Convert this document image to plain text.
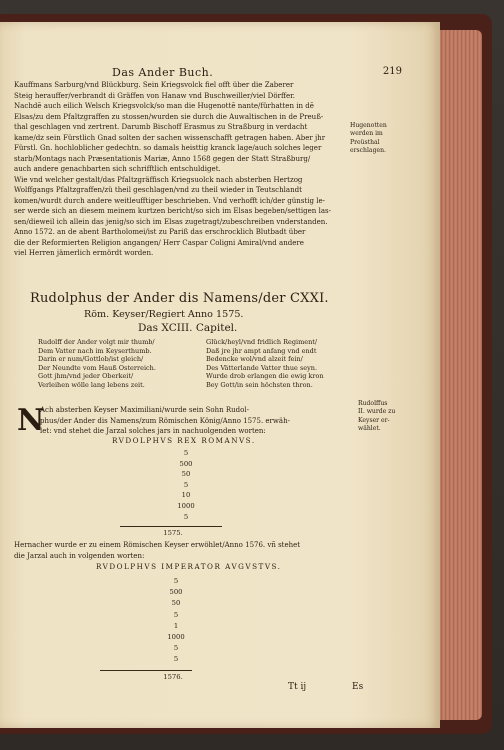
Das Ander Buch.	219
Kauffmans Sarburg/vnd Blückburg. Sein Kriegsvolck fiel offt über die Zaberer
Steig herauffer/verbrandt di Gräffen von Hanaw vnd Buschweiller/viel Dörffer.
Nachdē auch eilich Welsch Kriegsvolck/so man die Hugenottē nante/fürhatten in dē
Elsas/zu dem Pfaltzgraffen zu stossen/wurden sie durch die Auwaltischen in de Preuß-
thal geschlagen vnd zertrent. Darumb Bischoff Erasmus zu Straßburg in verdacht
kame/dz sein Fürstlich Gnad solten der sachen wissenschafft getragen haben. Aber jhr
Fürstl. Gn. hochloblicher gedechtn. so damals heisttig kranck lage/auch solches leger
starb/Montags nach Præsentationis Mariæ, Anno 1568 gegen der Statt Straßburg/
auch andere genachbarten sich schrifftlich entschuldiget.
Wie vnd welcher gestalt/das Pfaltzgräffisch Kriegsuolck nach absterben Hertzog
Wolffgangs Pfaltzgraffen/zü theil geschlagen/vnd zu theil wieder in Teutschlandt
komen/wurdt durch andere weitleufftiger beschrieben. Vnd verhofft ich/der günstig le-
ser werde sich an diesem meinem kurtzen bericht/so sich im Elsas begeben/settigen las-
sen/dieweil ich allein das jenig/so sich im Elsas zugetragt/zubeschreiben vnderstanden.
Anno 1572. an de abent Bartholomei/ist zu Pariß das erschrocklich Blutbadt über
die der Reformierten Religion angangen/ Herr Caspar Coligni Amiral/vnd andere
viel Herren jämerlich ermördt worden.
Hugenotten
werden im
Preüsthal
erschlagen.
Rudolphus der Ander dis Namens/der CXXI.
Röm. Keyser/Regiert Anno 1575.
Das XCIII. Capitel.
Rudolff der Ander volgt mir thumb/
Dem Vatter nach im Keyserthumb.
Darin er num/Gottlob/ist gleich/
Der Neundte vom Hauß Osterreich.
Gott jhm/vnd jeder Oberkeit/
Verleihen wölle lang lebens zeit.
Glück/heyl/vnd fridlich Regiment/
Daß jre jhr ampt anfang vnd endt
Bedencke wol/vnd alzeit fein/
Des Vätterlande Vatter thue seyn.
Wurde drob erlangen die ewig kron
Bey Gott/in sein höchsten thron.
N
Ach absterben Keyser Maximiliani/wurde sein Sohn Rudol-
phus/der Ander dis Namens/zum Römischen König/Anno 1575. erwäh-
let: vnd stehet die Jarzal solches jars in nachuolgenden worten:
Rudolffus
II. wurde zu
Keyser er-
wählet.
RVDOLPHVS REX ROMANVS.
5
500
50
5
10
1000
5
1575.
Hernacher wurde er zu einem Römischen Keyser erwöhlet/Anno 1576. vñ stehet
die Jarzal auch in volgenden worten:
RVDOLPHVS IMPERATOR AVGVSTVS.
5
500
50
5
1
1000
5
5
1576.
Tt ij	Es
